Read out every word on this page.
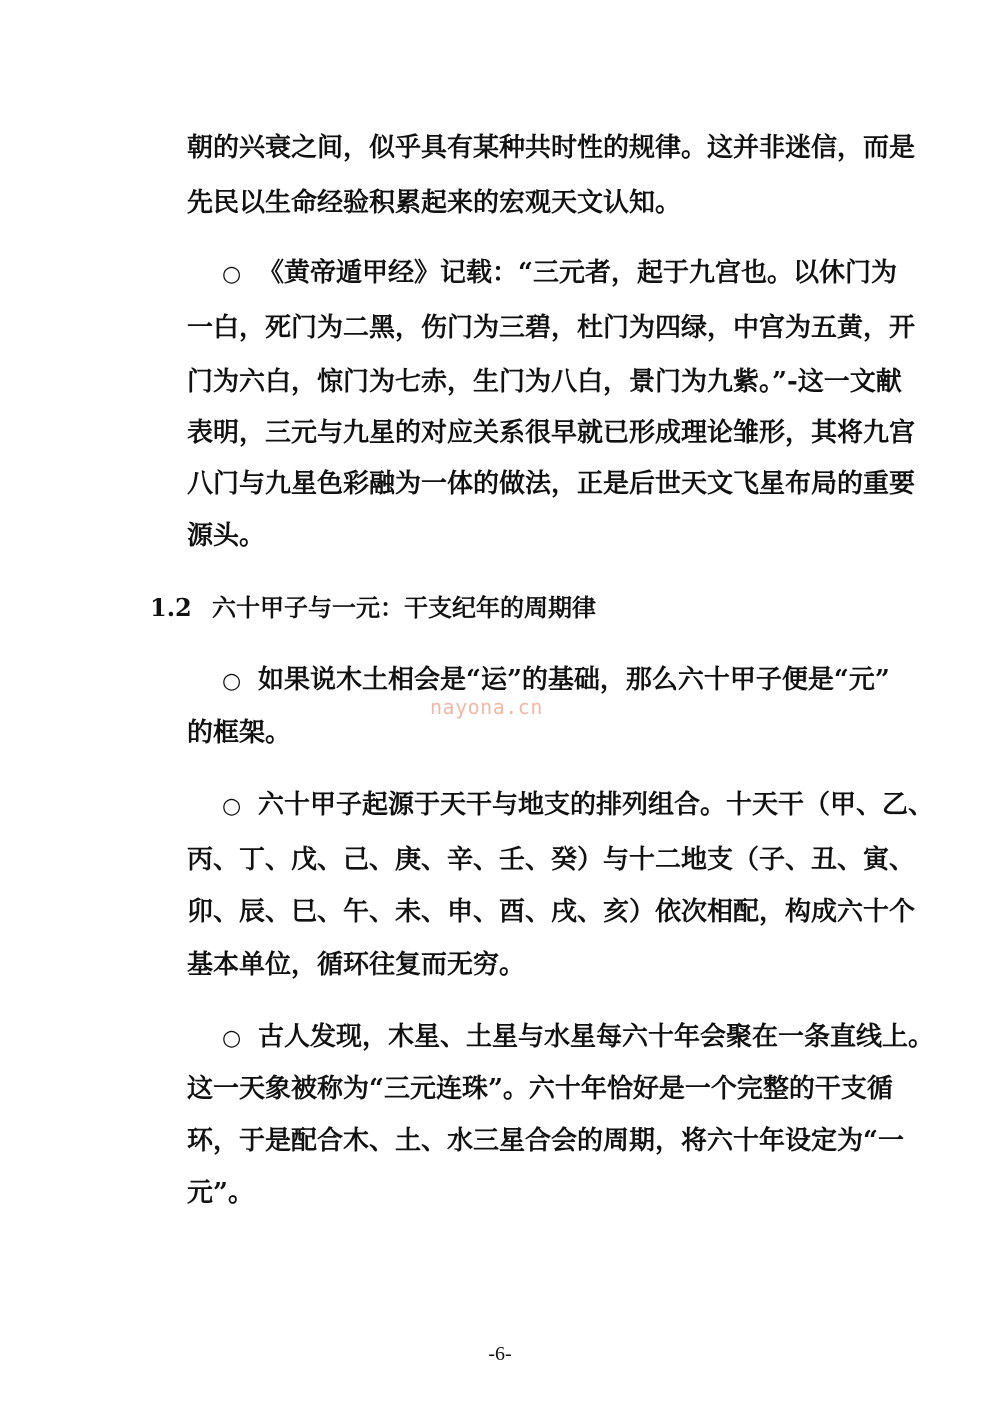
朝的兴衰之间，似乎具有某种共时性的规律。这并非迷信，而是
先民以生命经验积累起来的宏观天文认知。
○ 《黄帝遁甲经》记载：“三元者，起于九宫也。以休门为
一白，死门为二黑，伤门为三碧，杜门为四绿，中宫为五黄，开
门为六白，惊门为七赤，生门为八白，景门为九紫。”-这一文献
表明，三元与九星的对应关系很早就已形成理论雏形，其将九宫
八门与九星色彩融为一体的做法，正是后世天文飞星布局的重要
源头。
1.2 六十甲子与一元：干支纪年的周期律
○ 如果说木土相会是“运”的基础，那么六十甲子便是“元”
的框架。
nayona.cn
○ 六十甲子起源于天干与地支的排列组合。十天干（甲、乙、
丙、丁、戊、己、庚、辛、壬、癸）与十二地支（子、丑、寅、
卯、辰、巳、午、未、申、酉、戌、亥）依次相配，构成六十个
基本单位，循环往复而无穷。
○ 古人发现，木星、土星与水星每六十年会聚在一条直线上。
这一天象被称为“三元连珠”。六十年恰好是一个完整的干支循
环，于是配合木、土、水三星合会的周期，将六十年设定为“一
元”。
-6-
